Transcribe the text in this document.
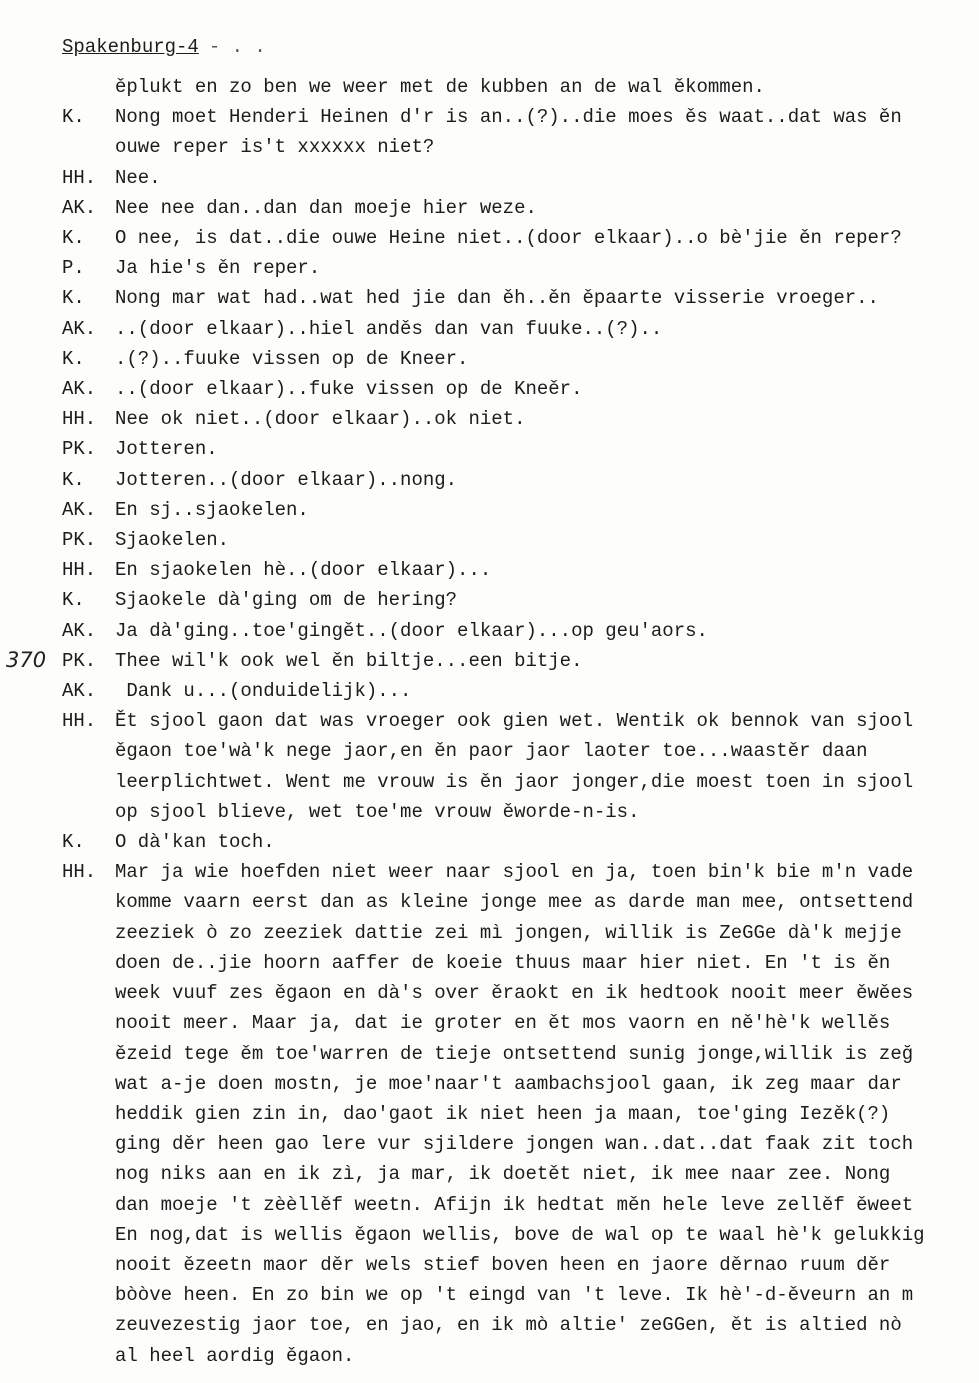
Spakenburg-4 - . .
370
ěplukt en zo ben we weer met de kubben an de wal ěkommen.
K.	Nong moet Henderi Heinen d'r is an..(?)..die moes ěs waat..dat was ěn
ouwe reper is't xxxxxx niet?
HH. Nee.
AK. Nee nee dan..dan dan moeje hier weze.
K.	O nee, is dat..die ouwe Heine niet..(door elkaar)..o bè'jie ěn reper?
P.	Ja hie's ěn reper.
K.	Nong mar wat had..wat hed jie dan ěh..ěn ěpaarte visserie vroeger..
AK. ..(door elkaar)..hiel anděs dan van fuuke..(?)..
K.	.(?)..fuuke vissen op de Kneer.
AK. ..(door elkaar)..fuke vissen op de Kneěr.
HH. Nee ok niet..(door elkaar)..ok niet.
PK. Jotteren.
K.	Jotteren..(door elkaar)..nong.
AK. En sj..sjaokelen.
PK. Sjaokelen.
HH. En sjaokelen hè..(door elkaar)...
K.	Sjaokele dà'ging om de hering?
AK. Ja dà'ging..toe'gingět..(door elkaar)...op geu'aors.
PK. Thee wil'k ook wel ěn biltje...een bitje.
AK. Dank u...(onduidelijk)...
HH. Ět sjool gaon dat was vroeger ook gien wet. Wentik ok bennok van sjool
ěgaon toe'wà'k nege jaor,en ěn paor jaor laoter toe...waastěr daan
leerplichtwet. Went me vrouw is ěn jaor jonger,die moest toen in sjool
op sjool blieve, wet toe'me vrouw ěworde-n-is.
K.	O dà'kan toch.
HH. Mar ja wie hoefden niet weer naar sjool en ja, toen bin'k bie m'n vade
komme vaarn eerst dan as kleine jonge mee as darde man mee, ontsettend
zeeziek ò zo zeeziek dattie zei mì jongen, willik is ZeGGe dà'k mejje
doen de..jie hoorn aaffer de koeie thuus maar hier niet. En 't is ěn
week vuuf zes ěgaon en dà's over ěraokt en ik hedtook nooit meer ěwěes
nooit meer. Maar ja, dat ie groter en ět mos vaorn en ně'hè'k wellěs
ězeid tege ěm toe'warren de tieje ontsettend sunig jonge,willik is zeğ
wat a-je doen mostn, je moe'naar't aambachsjool gaan, ik zeg maar dar
heddik gien zin in, dao'gaot ik niet heen ja maan, toe'ging Iezěk(?)
ging děr heen gao lere vur sjildere jongen wan..dat..dat faak zit toch
nog niks aan en ik zì, ja mar, ik doetět niet, ik mee naar zee. Nong
dan moeje 't zèèllěf weetn. Afijn ik hedtat měn hele leve zellěf ěweet
En nog,dat is wellis ěgaon wellis, bove de wal op te waal hè'k gelukkig
nooit ězeetn maor děr wels stief boven heen en jaore děrnao ruum děr
bòòve heen. En zo bin we op 't eingd van 't leve. Ik hè'-d-ěveurn an m
zeuvezestig jaor toe, en jao, en ik mò altie' zeGGen, ět is altied nò
al heel aordig ěgaon.
